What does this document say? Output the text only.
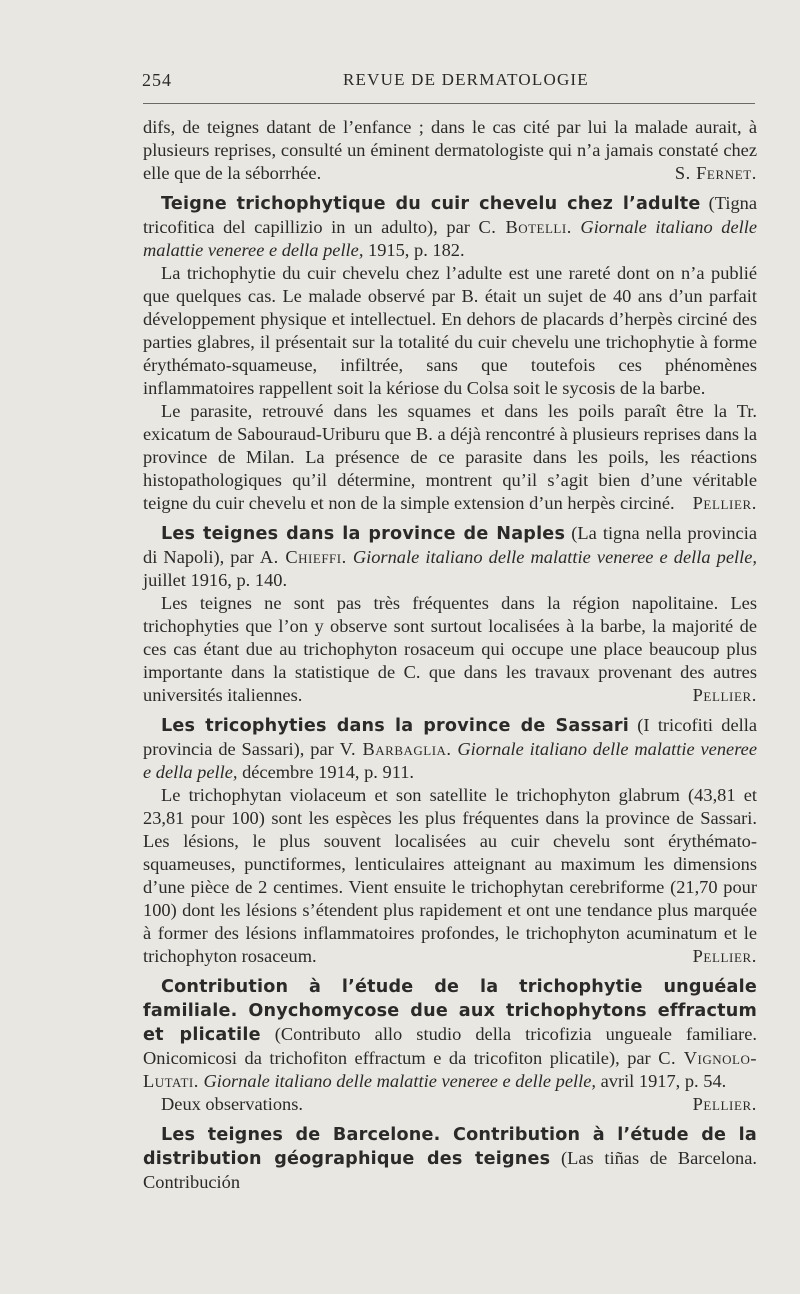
254	REVUE DE DERMATOLOGIE

difs, de teignes datant de l’enfance ; dans le cas cité par lui la malade aurait, à plusieurs reprises, consulté un éminent dermatologiste qui n’a jamais constaté chez elle que de la séborrhée.	S. Fernet.

Teigne trichophytique du cuir chevelu chez l’adulte (Tigna tricofitica del capillizio in un adulto), par C. Botelli. Giornale italiano delle malattie veneree e della pelle, 1915, p. 182.

La trichophytie du cuir chevelu chez l’adulte est une rareté dont on n’a publié que quelques cas. Le malade observé par B. était un sujet de 40 ans d’un parfait développement physique et intellectuel. En dehors de placards d’herpès circiné des parties glabres, il présentait sur la totalité du cuir chevelu une trichophytie à forme érythémato-squameuse, infiltrée, sans que toutefois ces phénomènes inflammatoires rappellent soit la kériose du Colsa soit le sycosis de la barbe.

Le parasite, retrouvé dans les squames et dans les poils paraît être la Tr. exicatum de Sabouraud-Uriburu que B. a déjà rencontré à plusieurs reprises dans la province de Milan. La présence de ce parasite dans les poils, les réactions histopathologiques qu’il détermine, montrent qu’il s’agit bien d’une véritable teigne du cuir chevelu et non de la simple extension d’un herpès circiné. Pellier.

Les teignes dans la province de Naples (La tigna nella provincia di Napoli), par A. Chieffi. Giornale italiano delle malattie veneree e della pelle, juillet 1916, p. 140.

Les teignes ne sont pas très fréquentes dans la région napolitaine. Les trichophyties que l’on y observe sont surtout localisées à la barbe, la majorité de ces cas étant due au trichophyton rosaceum qui occupe une place beaucoup plus importante dans la statistique de C. que dans les travaux provenant des autres universités italiennes.	Pellier.

Les tricophyties dans la province de Sassari (I tricofiti della provincia de Sassari), par V. Barbaglia. Giornale italiano delle malattie veneree e della pelle, décembre 1914, p. 911.

Le trichophytan violaceum et son satellite le trichophyton glabrum (43,81 et 23,81 pour 100) sont les espèces les plus fréquentes dans la province de Sassari. Les lésions, le plus souvent localisées au cuir chevelu sont érythémato-squameuses, punctiformes, lenticulaires atteignant au maximum les dimensions d’une pièce de 2 centimes. Vient ensuite le trichophytan cerebriforme (21,70 pour 100) dont les lésions s’étendent plus rapidement et ont une tendance plus marquée à former des lésions inflammatoires profondes, le trichophyton acuminatum et le trichophyton rosaceum.	Pellier.

Contribution à l’étude de la trichophytie unguéale familiale. Onychomycose due aux trichophytons effractum et plicatile (Contributo allo studio della tricofizia ungueale familiare. Onicomicosi da trichofiton effractum e da tricofiton plicatile), par C. Vignolo-Lutati. Giornale italiano delle malattie veneree e delle pelle, avril 1917, p. 54.

Deux observations.	Pellier.

Les teignes de Barcelone. Contribution à l’étude de la distribution géographique des teignes (Las tiñas de Barcelona. Contribución
